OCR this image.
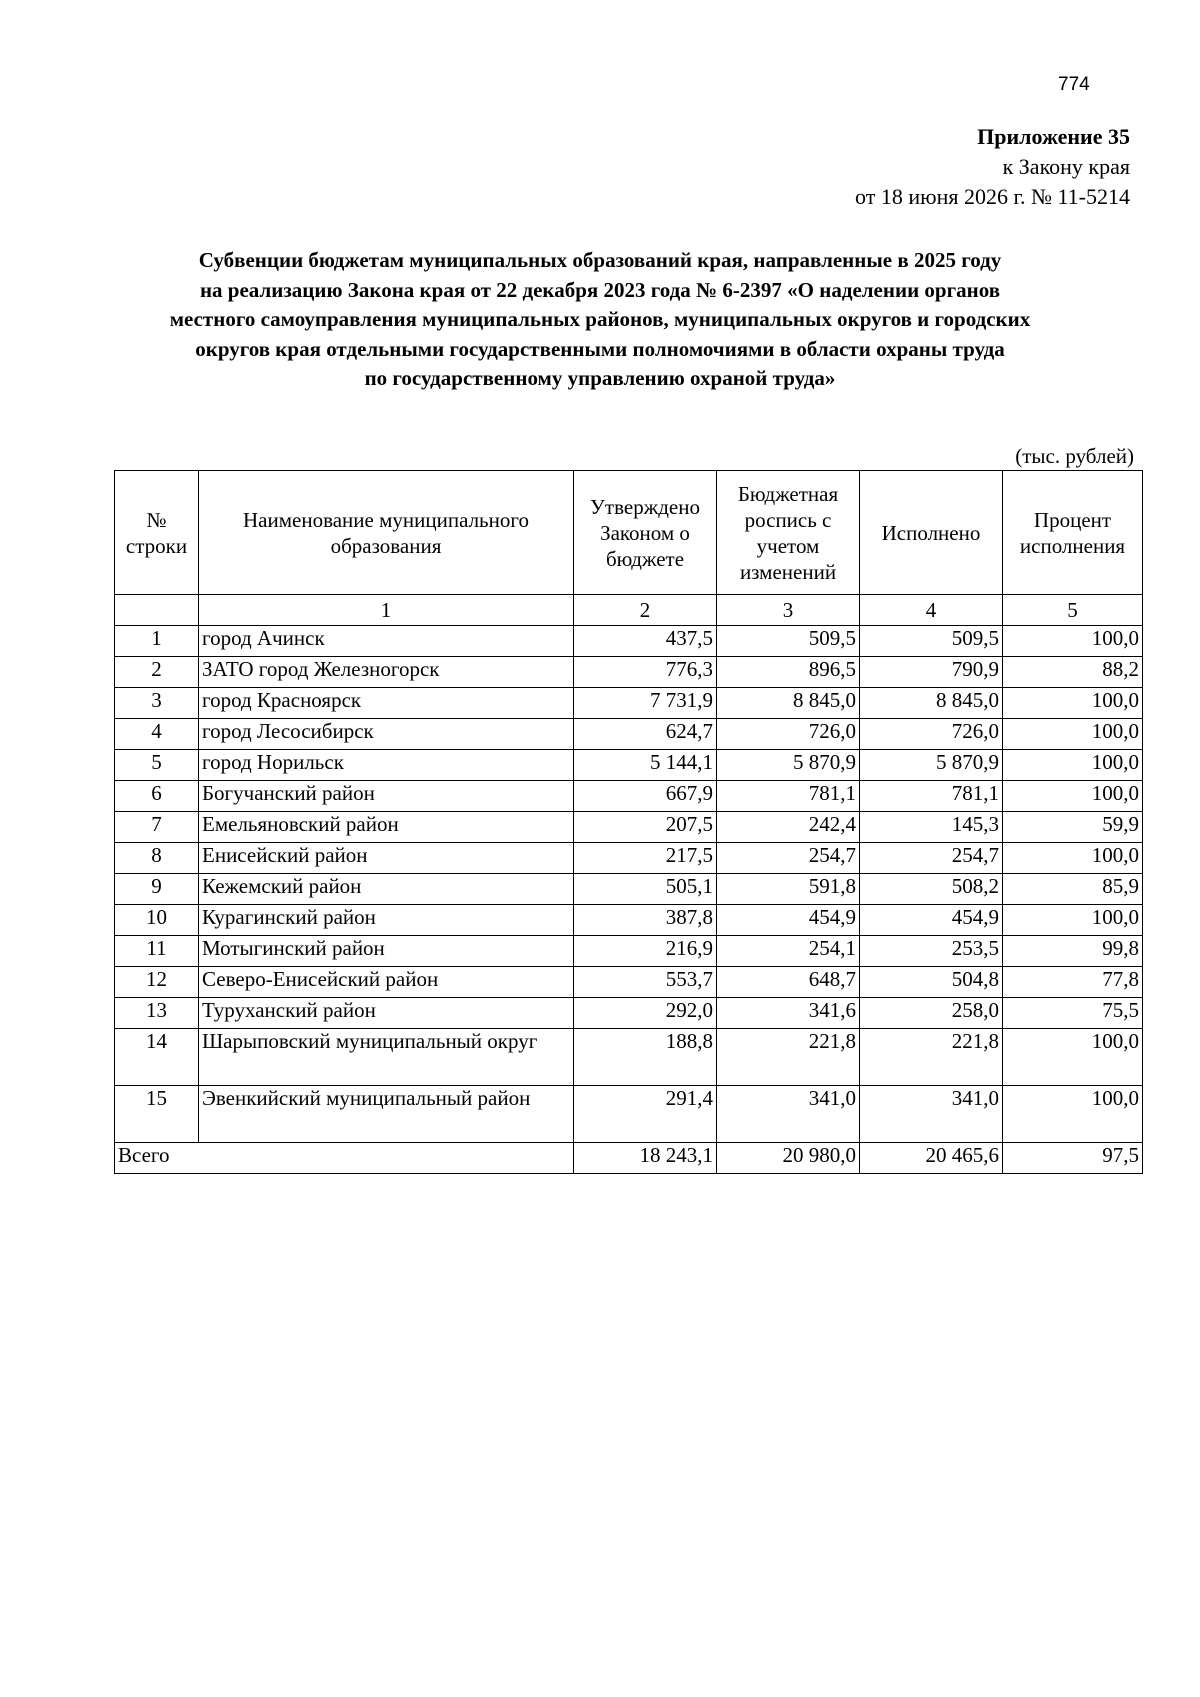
774
Приложение 35
к Закону края
от 18 июня 2026 г. № 11-5214
Субвенции бюджетам муниципальных образований края, направленные в 2025 году
на реализацию Закона края от 22 декабря 2023 года № 6-2397 «О наделении органов
местного самоуправления муниципальных районов, муниципальных округов и городских
округов края отдельными государственными полномочиями в области охраны труда
по государственному управлению охраной труда»
(тыс. рублей)
№ строки	Наименование муниципального образования	Утверждено Законом о бюджете	Бюджетная роспись с учетом изменений	Исполнено	Процент исполнения
	1	2	3	4	5
1	город Ачинск	437,5	509,5	509,5	100,0
2	ЗАТО город Железногорск	776,3	896,5	790,9	88,2
3	город Красноярск	7 731,9	8 845,0	8 845,0	100,0
4	город Лесосибирск	624,7	726,0	726,0	100,0
5	город Норильск	5 144,1	5 870,9	5 870,9	100,0
6	Богучанский район	667,9	781,1	781,1	100,0
7	Емельяновский район	207,5	242,4	145,3	59,9
8	Енисейский район	217,5	254,7	254,7	100,0
9	Кежемский район	505,1	591,8	508,2	85,9
10	Курагинский район	387,8	454,9	454,9	100,0
11	Мотыгинский район	216,9	254,1	253,5	99,8
12	Северо-Енисейский район	553,7	648,7	504,8	77,8
13	Туруханский район	292,0	341,6	258,0	75,5
14	Шарыповский муниципальный округ	188,8	221,8	221,8	100,0
15	Эвенкийский муниципальный район	291,4	341,0	341,0	100,0
Всего		18 243,1	20 980,0	20 465,6	97,5
